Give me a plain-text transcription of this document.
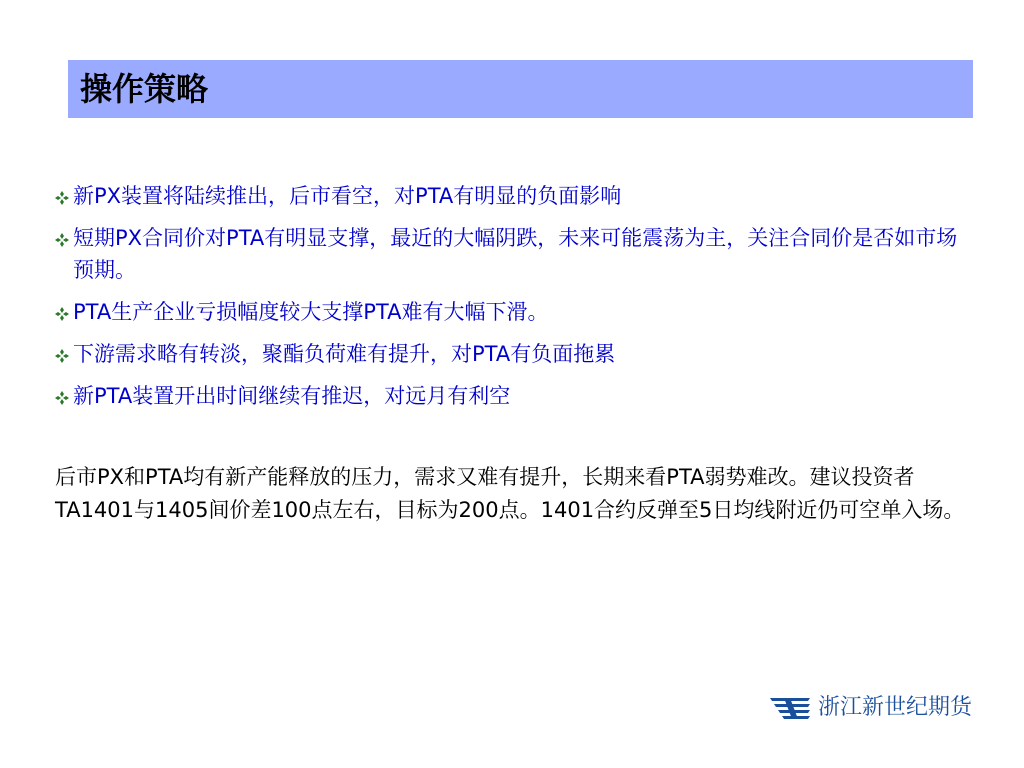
操作策略
新PX装置将陆续推出，后市看空，对PTA有明显的负面影响
短期PX合同价对PTA有明显支撑，最近的大幅阴跌，未来可能震荡为主，关注合同价是否如市场预期。
PTA生产企业亏损幅度较大支撑PTA难有大幅下滑。
下游需求略有转淡，聚酯负荷难有提升，对PTA有负面拖累
新PTA装置开出时间继续有推迟，对远月有利空
后市PX和PTA均有新产能释放的压力，需求又难有提升，长期来看PTA弱势难改。建议投资者TA1401与1405间价差100点左右，目标为200点。1401合约反弹至5日均线附近仍可空单入场。
浙江新世纪期货
